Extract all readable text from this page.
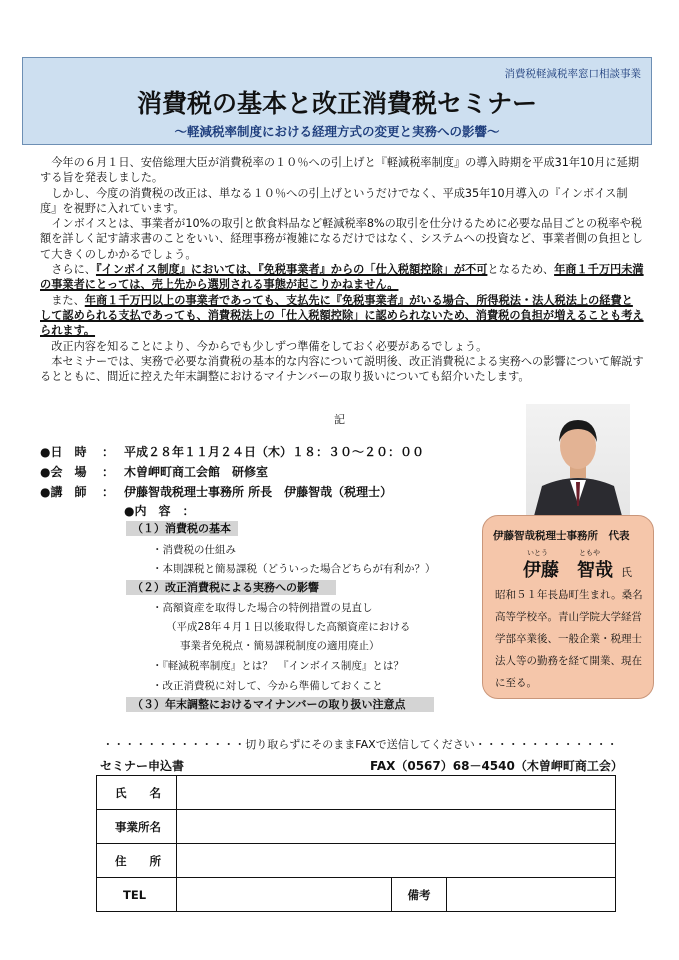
消費税軽減税率窓口相談事業
消費税の基本と改正消費税セミナー
～軽減税率制度における経理方式の変更と実務への影響～

今年の６月１日、安倍総理大臣が消費税率の１０％への引上げと『軽減税率制度』の導入時期を平成31年10月に延期する旨を発表しました。

しかし、今度の消費税の改正は、単なる１０％への引上げというだけでなく、平成35年10月導入の『インボイス制度』を視野に入れています。

インボイスとは、事業者が10%の取引と飲食料品など軽減税率8%の取引を仕分けるために必要な品目ごとの税率や税額を詳しく記す請求書のことをいい、経理事務が複雑になるだけではなく、システムへの投資など、事業者側の負担として大きくのしかかるでしょう。

さらに、『インボイス制度』においては、『免税事業者』からの「仕入税額控除」が不可となるため、年商１千万円未満の事業者にとっては、売上先から選別される事態が起こりかねません。

また、年商１千万円以上の事業者であっても、支払先に『免税事業者』がいる場合、所得税法・法人税法上の経費として認められる支払であっても、消費税法上の「仕入税額控除」に認められないため、消費税の負担が増えることも考えられます。

改正内容を知ることにより、今からでも少しずつ準備をしておく必要があるでしょう。

本セミナーでは、実務で必要な消費税の基本的な内容について説明後、改正消費税による実務への影響について解説するとともに、間近に控えた年末調整におけるマイナンバーの取り扱いについても紹介いたします。

記
●日　時 ： 平成２８年１１月２４日（木）１８：３０～２０：００
●会　場 ： 木曽岬町商工会館　研修室
●講　師 ： 伊藤智哉税理士事務所 所長　伊藤智哉（税理士）
●内　容　：
（１）消費税の基本
・消費税の仕組み
・本則課税と簡易課税（どういった場合どちらが有利か？）
（２）改正消費税による実務への影響
・高額資産を取得した場合の特例措置の見直し
（平成28年４月１日以後取得した高額資産における
事業者免税点・簡易課税制度の適用廃止）
・『軽減税率制度』とは？　『インボイス制度』とは？
・改正消費税に対して、今から準備しておくこと
（３）年末調整におけるマイナンバーの取り扱い注意点
伊藤智哉税理士事務所　代表
いとう	ともや
伊藤　智哉 氏
昭和５１年長島町生まれ。桑名高等学校卒。青山学院大学経営学部卒業後、一般企業・税理士法人等の勤務を経て開業、現在に至る。
・・・・・・・・・・・・・切り取らずにそのままFAXで送信してください・・・・・・・・・・・・・
セミナー申込書	FAX（0567）68－4540（木曽岬町商工会）
氏　　名			
事業所名			
住　　所			
TEL		備考	
